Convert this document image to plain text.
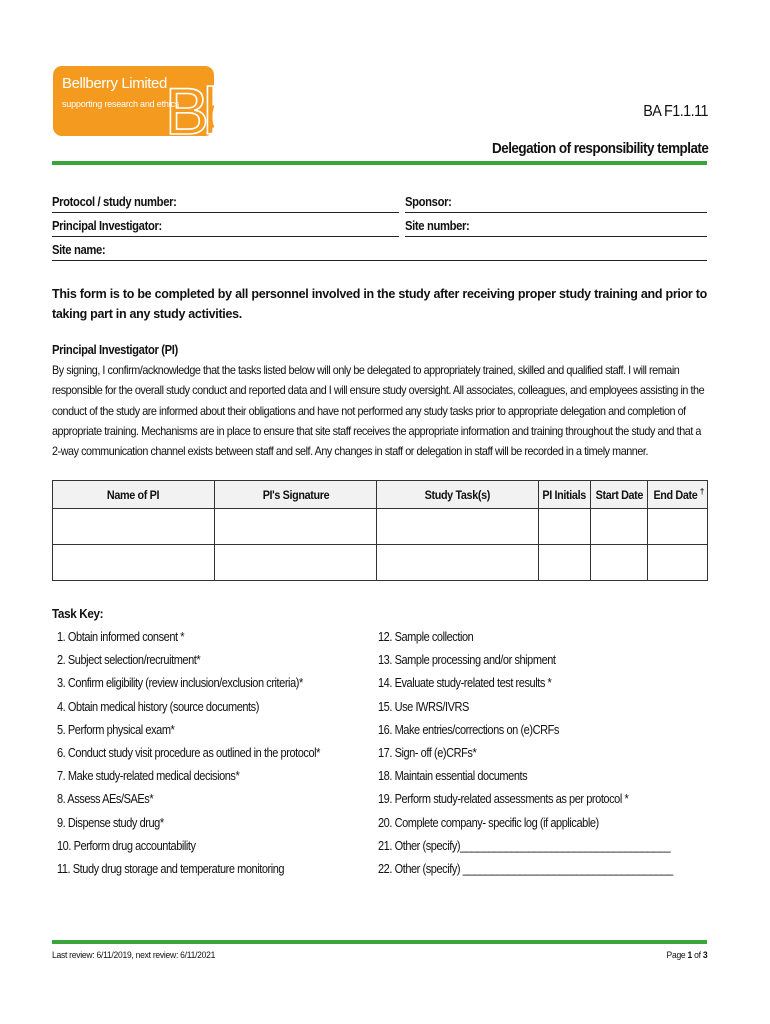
Bellberry Limited
supporting research and ethics
Bb	BA F1.1.11
Delegation of responsibility template
Protocol / study number:	Sponsor:
Principal Investigator:	Site number:
Site name:
This form is to be completed by all personnel involved in the study after receiving proper study training and prior to taking part in any study activities.
Principal Investigator (PI)
By signing, I confirm/acknowledge that the tasks listed below will only be delegated to appropriately trained, skilled and qualified staff. I will remain responsible for the overall study conduct and reported data and I will ensure study oversight. All associates, colleagues, and employees assisting in the conduct of the study are informed about their obligations and have not performed any study tasks prior to appropriate delegation and completion of appropriate training. Mechanisms are in place to ensure that site staff receives the appropriate information and training throughout the study and that a 2-way communication channel exists between staff and self. Any changes in staff or delegation in staff will be recorded in a timely manner.
Name of PI	PI's Signature	Study Task(s)	PI Initials	Start Date	End Date †

Task Key:
1. Obtain informed consent *
2. Subject selection/recruitment*
3. Confirm eligibility (review inclusion/exclusion criteria)*
4. Obtain medical history (source documents)
5. Perform physical exam*
6. Conduct study visit procedure as outlined in the protocol*
7. Make study-related medical decisions*
8. Assess AEs/SAEs*
9. Dispense study drug*
10. Perform drug accountability
11. Study drug storage and temperature monitoring
12. Sample collection
13. Sample processing and/or shipment
14. Evaluate study-related test results *
15. Use IWRS/IVRS
16. Make entries/corrections on (e)CRFs
17. Sign- off (e)CRFs*
18. Maintain essential documents
19. Perform study-related assessments as per protocol *
20. Complete company- specific log (if applicable)
21. Other (specify)_____________________________________
22. Other (specify) _____________________________________
Last review: 6/11/2019, next review: 6/11/2021	Page 1 of 3
